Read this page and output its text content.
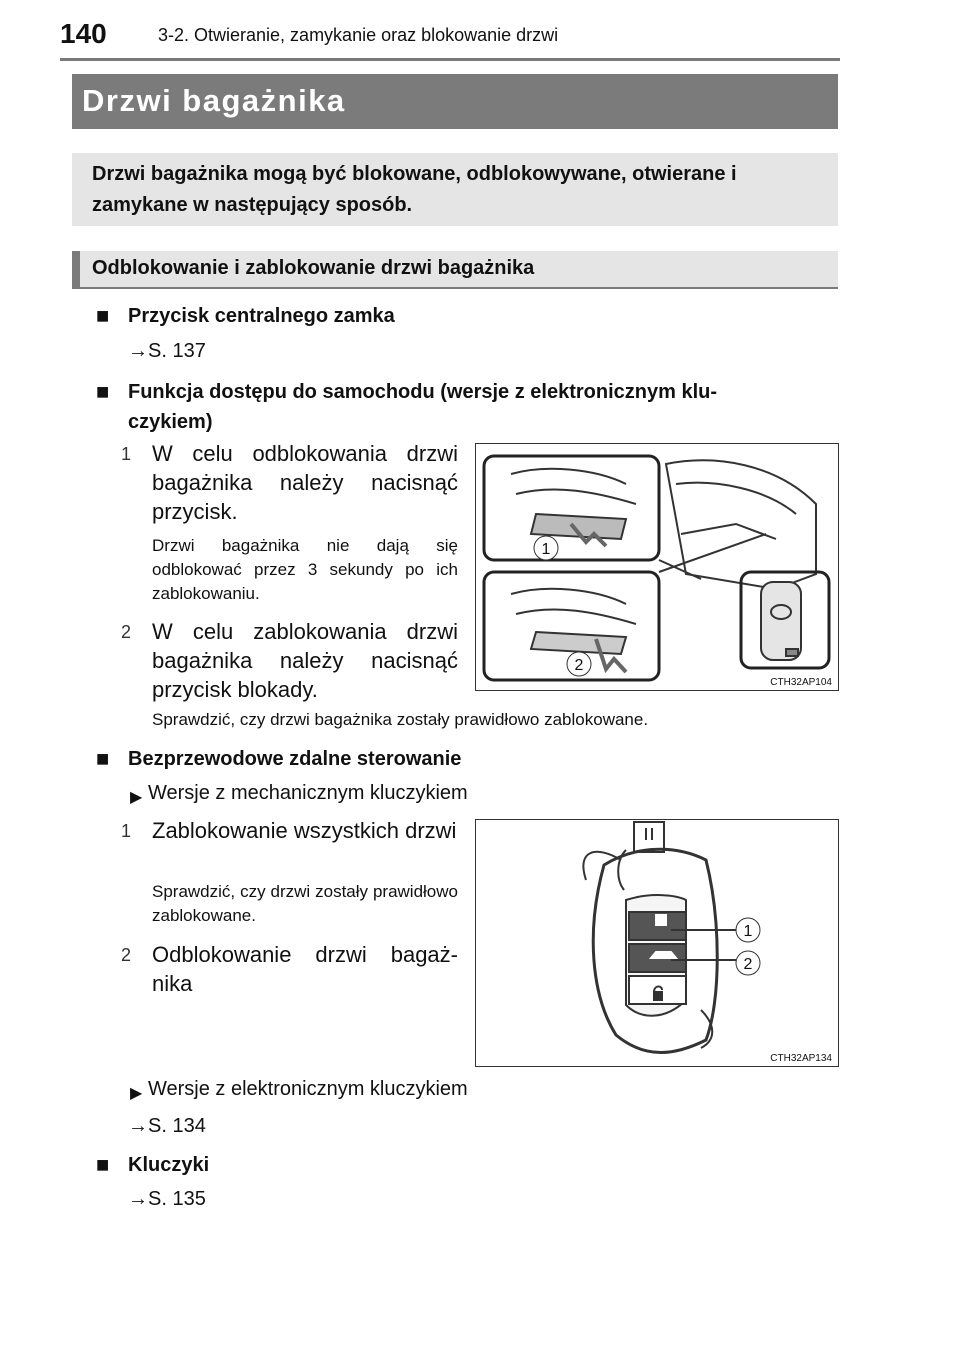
140	3-2. Otwieranie, zamykanie oraz blokowanie drzwi
Drzwi bagażnika
Drzwi bagażnika mogą być blokowane, odblokowywane, otwierane i zamykane w następujący sposób.
Odblokowanie i zablokowanie drzwi bagażnika
■ Przycisk centralnego zamka
→S. 137
■ Funkcja dostępu do samochodu (wersje z elektronicznym klu-
czykiem)
1 W celu odblokowania drzwi bagażnika należy nacisnąć przycisk.
Drzwi bagażnika nie dają się odblokować przez 3 sekundy po ich zablokowaniu.
2 W celu zablokowania drzwi bagażnika należy nacisnąć przycisk blokady.
1
2
CTH32AP104
Sprawdzić, czy drzwi bagażnika zostały prawidłowo zablokowane.
■ Bezprzewodowe zdalne sterowanie
▶ Wersje z mechanicznym kluczykiem
1 Zablokowanie wszystkich drzwi
Sprawdzić, czy drzwi zostały prawidłowo zablokowane.
2 Odblokowanie drzwi bagaż-nika
1
2
CTH32AP134
▶ Wersje z elektronicznym kluczykiem
→S. 134
■ Kluczyki
→S. 135
